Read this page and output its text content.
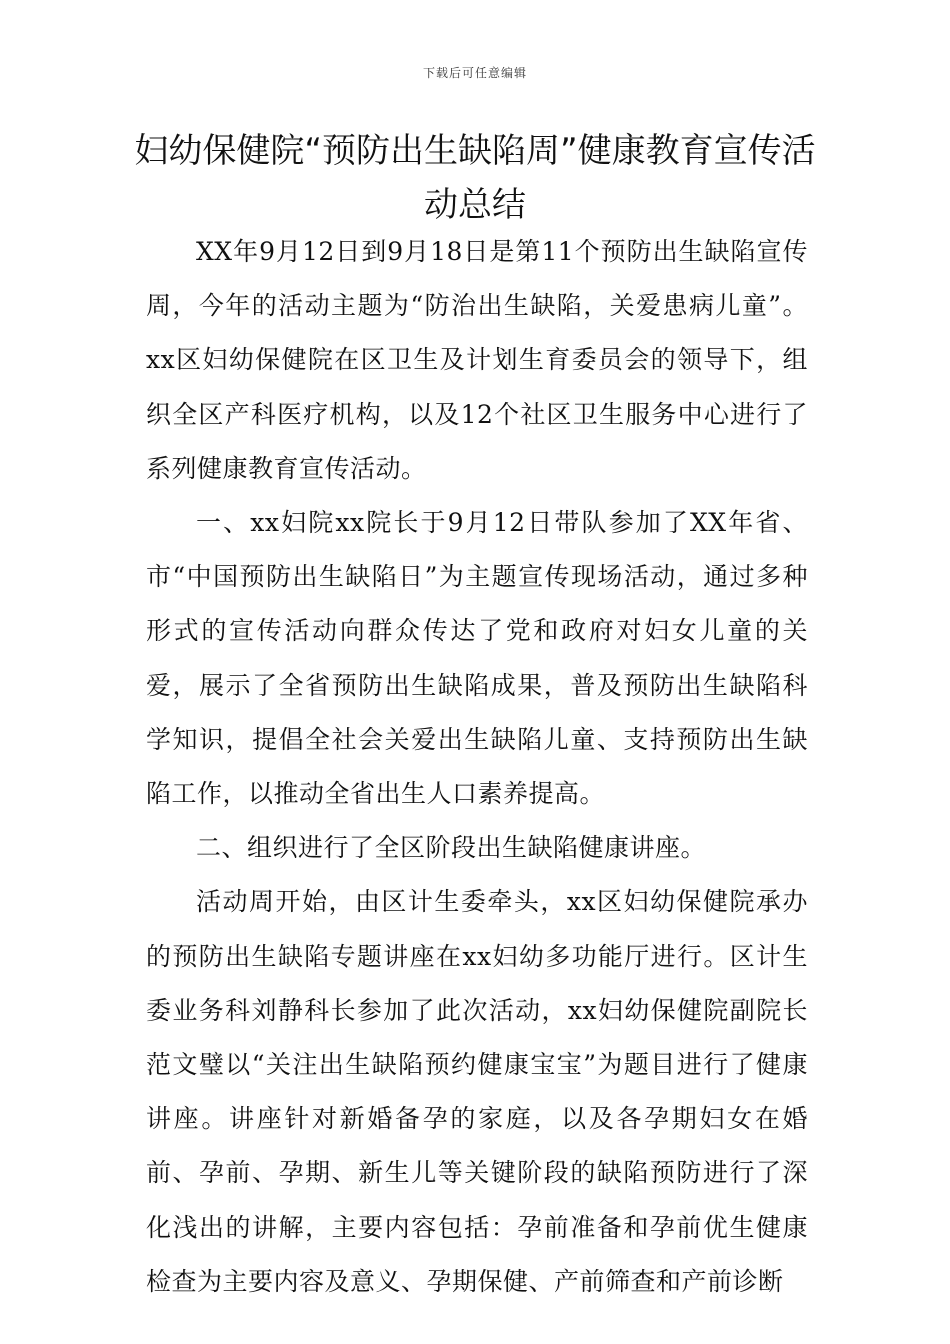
下载后可任意编辑
妇幼保健院“预防出生缺陷周”健康教育宣传活动总结

XX年9月12日到9月18日是第11个预防出生缺陷宣传周，今年的活动主题为“防治出生缺陷，关爱患病儿童”。xx区妇幼保健院在区卫生及计划生育委员会的领导下，组织全区产科医疗机构，以及12个社区卫生服务中心进行了系列健康教育宣传活动。

一、xx妇院xx院长于9月12日带队参加了XX年省、市“中国预防出生缺陷日”为主题宣传现场活动，通过多种形式的宣传活动向群众传达了党和政府对妇女儿童的关爱，展示了全省预防出生缺陷成果，普及预防出生缺陷科学知识，提倡全社会关爱出生缺陷儿童、支持预防出生缺陷工作，以推动全省出生人口素养提高。

二、组织进行了全区阶段出生缺陷健康讲座。

活动周开始，由区计生委牵头，xx区妇幼保健院承办的预防出生缺陷专题讲座在xx妇幼多功能厅进行。区计生委业务科刘静科长参加了此次活动，xx妇幼保健院副院长范文璧以“关注出生缺陷预约健康宝宝”为题目进行了健康讲座。讲座针对新婚备孕的家庭，以及各孕期妇女在婚前、孕前、孕期、新生儿等关键阶段的缺陷预防进行了深化浅出的讲解，主要内容包括：孕前准备和孕前优生健康检查为主要内容及意义、孕期保健、产前筛查和产前诊断
